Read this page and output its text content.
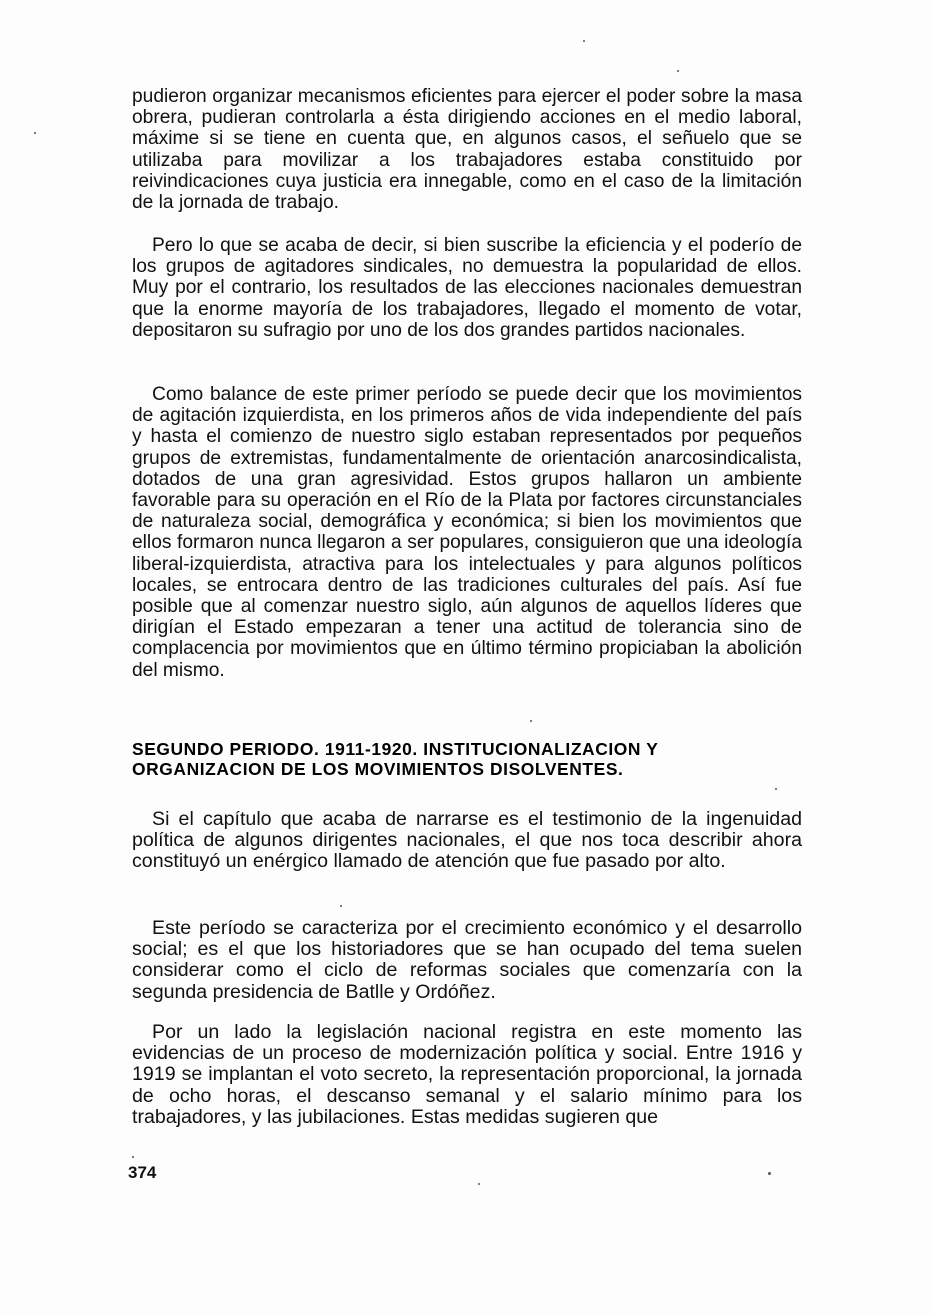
pudieron organizar mecanismos eficientes para ejercer el poder sobre la masa obrera, pudieran controlarla a ésta dirigiendo acciones en el medio laboral, máxime si se tiene en cuenta que, en algunos casos, el señuelo que se utilizaba para movilizar a los trabajadores estaba constituido por reivindicaciones cuya justicia era innegable, como en el caso de la limitación de la jornada de trabajo.

Pero lo que se acaba de decir, si bien suscribe la eficiencia y el poderío de los grupos de agitadores sindicales, no demuestra la popularidad de ellos. Muy por el contrario, los resultados de las elecciones nacionales demuestran que la enorme mayoría de los trabajadores, llegado el momento de votar, depositaron su sufragio por uno de los dos grandes partidos nacionales.

Como balance de este primer período se puede decir que los movimientos de agitación izquierdista, en los primeros años de vida independiente del país y hasta el comienzo de nuestro siglo estaban representados por pequeños grupos de extremistas, fundamentalmente de orientación anarcosindicalista, dotados de una gran agresividad. Estos grupos hallaron un ambiente favorable para su operación en el Río de la Plata por factores circunstanciales de naturaleza social, demográfica y económica; si bien los movimientos que ellos formaron nunca llegaron a ser populares, consiguieron que una ideología liberal-izquierdista, atractiva para los intelectuales y para algunos políticos locales, se entrocara dentro de las tradiciones culturales del país. Así fue posible que al comenzar nuestro siglo, aún algunos de aquellos líderes que dirigían el Estado empezaran a tener una actitud de tolerancia sino de complacencia por movimientos que en último término propiciaban la abolición del mismo.

SEGUNDO PERIODO. 1911-1920. INSTITUCIONALIZACION Y ORGANIZACION DE LOS MOVIMIENTOS DISOLVENTES.

Si el capítulo que acaba de narrarse es el testimonio de la ingenuidad política de algunos dirigentes nacionales, el que nos toca describir ahora constituyó un enérgico llamado de atención que fue pasado por alto.

Este período se caracteriza por el crecimiento económico y el desarrollo social; es el que los historiadores que se han ocupado del tema suelen considerar como el ciclo de reformas sociales que comenzaría con la segunda presidencia de Batlle y Ordóñez.

Por un lado la legislación nacional registra en este momento las evidencias de un proceso de modernización política y social. Entre 1916 y 1919 se implantan el voto secreto, la representación proporcional, la jornada de ocho horas, el descanso semanal y el salario mínimo para los trabajadores, y las jubilaciones. Estas medidas sugieren que

374
